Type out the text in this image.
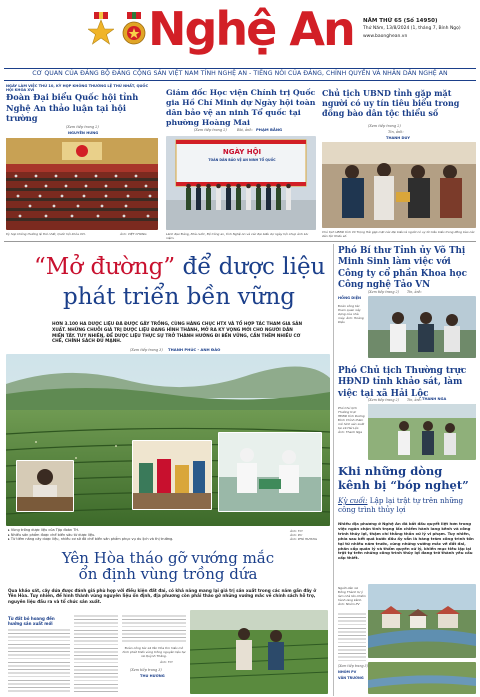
Nghệ An NĂM THỨ 65 (Số 14950)
Thứ Năm, 13/8/2024 (1, tháng 7, Bính Ngọ)
www.baonghean.vn
CƠ QUAN CỦA ĐẢNG BỘ ĐẢNG CỘNG SẢN VIỆT NAM TỈNH NGHỆ AN - TIẾNG NÓI CỦA ĐẢNG, CHÍNH QUYỀN VÀ NHÂN DÂN NGHỆ AN
NGÀY LÀM VIỆC THỨ 10, KỲ HỌP KHÔNG THƯỜNG LỆ THỨ NHẤT, QUỐC HỘI KHÓA XVI
Đoàn Đại biểu Quốc hội tỉnh Nghệ An thảo luận tại hội trường
(Xem tiếp trang 2)
NGUYÊN HƯNG
Kỳ họp không thường lệ thứ nhất, Quốc hội khóa XVI.	Ảnh: VIỆT CHUNG
Giám đốc Học viện Chính trị Quốc gia Hồ Chí Minh dự Ngày hội toàn dân bảo vệ an ninh Tổ quốc tại phường Hoàng Mai
(Xem tiếp trang 2)	Bài, ảnh: PHẠM BẰNG
NGÀY HỘI
TOÀN DÂN BẢO VỆ AN NINH TỔ QUỐC
Lãnh đạo Đảng, Nhà nước, Bộ Công an, tỉnh Nghệ An và các đại biểu dự ngày hội chụp ảnh lưu niệm.
Chủ tịch UBND tỉnh gặp mặt người có uy tín tiêu biểu trong đồng bào dân tộc thiểu số
(Xem tiếp trang 2)
Tin, ảnh:
THANH DUY
Chủ tịch UBND tỉnh Võ Trọng Hải gặp mặt các đại biểu là người có uy tín tiêu biểu trong đồng bào các dân tộc thiểu số.
“Mở đường” để dược liệu
phát triển bền vững
HƠN 3.100 HA DƯỢC LIỆU ĐÃ ĐƯỢC GÂY TRỒNG, CÙNG HÀNG CHỤC HTX VÀ TỔ HỢP TÁC THAM GIA SẢN XUẤT. NHỮNG CHUỖI GIÁ TRỊ DƯỢC LIỆU ĐANG HÌNH THÀNH, MỞ RA KỲ VỌNG MỚI CHO NGƯỜI DÂN MIỀN TÂY. TUY NHIÊN, ĐỂ DƯỢC LIỆU THỰC SỰ TRỞ THÀNH HƯỚNG ĐI BỀN VỮNG, CẦN THÊM NHIỀU CƠ CHẾ, CHÍNH SÁCH ĐỦ MẠNH.
(Xem tiếp trang 3) THANH PHÚC - ANH ĐÀO
▸ Vùng trồng dược liệu của Tập đoàn TH.
▸ Nhiều sản phẩm được chế biến sâu từ dược liệu.
▸ Từ tiềm năng cây dược liệu, nhiều cơ sở đã chế biến sản phẩm phục vụ du lịch và thị trường.
Ảnh: T.H
Ảnh: P.V
Ảnh: PHÚ HƯƠNG
Yên Hòa tháo gỡ vướng mắc
ổn định vùng trồng dứa
Qua khảo sát, cây dứa được đánh giá phù hợp với điều kiện đất đai, có khả năng mang lại giá trị sản xuất trong các năm gần đây ở Yên Hòa. Tuy nhiên, để hình thành vùng nguyên liệu ổn định, địa phương còn phải tháo gỡ những vướng mắc về chính sách hỗ trợ, nguyên liệu đầu ra và tổ chức sản xuất.
Từ đất bỏ hoang đến hướng sản xuất mới
Đoàn công tác xã Yên Hòa tìm hiểu mô hình phát triển vùng trồng nguyên liệu tại xã Quỳnh Thắng.
Ảnh: T.H
(Xem tiếp trang 3)
THU HƯƠNG
Phó Bí thư Tỉnh ủy Võ Thị Minh Sinh làm việc với Công ty cổ phần Khoa học Công nghệ Tảo VN
(Xem tiếp trang 2) Tin, ảnh:
HỒNG DIỆN
Đoàn công tác tham quan xây dựng của nhà máy. Ảnh: Hoàng Diệu
Phó Chủ tịch Thường trực HĐND tỉnh khảo sát, làm việc tại xã Hải Lộc
(Xem tiếp trang 2) Tin, ảnh: THANH NGA
Phó Chủ tịch Thường trực HĐND tỉnh Dương Đình Chỉnh thăm mô hình sản xuất tại xã Hải Lộc. Ảnh: Thanh Nga
Khi những dòng kênh bị “bóp nghẹt”
Kỳ cuối: Lập lại trật tự trên những công trình thủy lợi
Nhiều địa phương ở Nghệ An đã bắt đầu quyết liệt hơn trong việc ngăn chặn tình trạng lấn chiếm hành lang kênh và công trình thủy lợi, thậm chí thẳng thắn xử lý vi phạm. Tuy nhiên, phía sau kết quả bước đầu ấy vẫn là hàng trăm công trình tồn tại từ nhiều năm trước, cùng những vướng mắc về đất đai, phân cấp quản lý và thẩm quyền xử lý, khiến mục tiêu lập lại trật tự trên những công trình thủy lợi đang trở thành yêu cầu cấp thiết.
Người dân xã Đông Thành tự ý làm nhà lấn chiếm hành lang kênh. Ảnh: Nhóm PV
(Xem tiếp trang 3)
NHÓM PV
VĂN TRƯỜNG
